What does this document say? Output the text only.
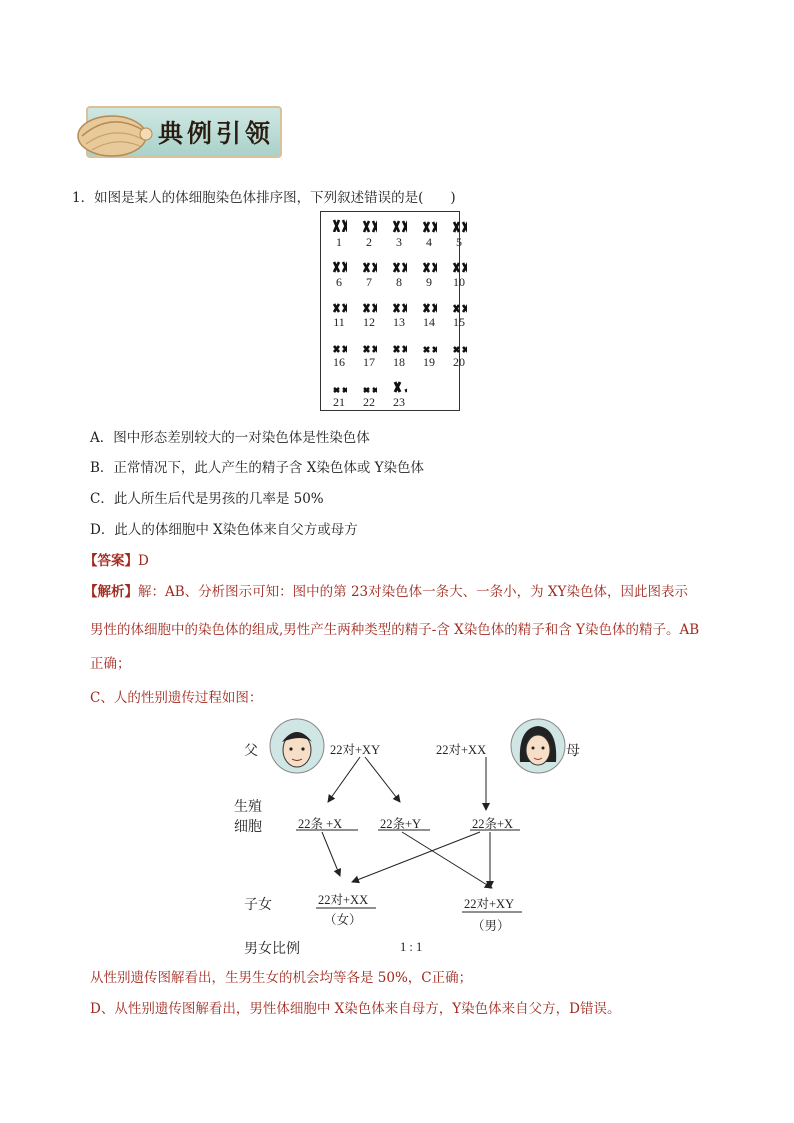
典例引领
1．如图是某人的体细胞染色体排序图，下列叙述错误的是(　　)
1	2	3	4	5
6	7	8	9	10
11	12	13	14	15
16	17	18	19	20
21	22	23
A．图中形态差别较大的一对染色体是性染色体
B．正常情况下，此人产生的精子含 X染色体或 Y染色体
C．此人所生后代是男孩的几率是 50%
D．此人的体细胞中 X染色体来自父方或母方
【答案】D
【解析】解：AB、分析图示可知：图中的第 23对染色体一条大、一条小，为 XY染色体，因此图表示
男性的体细胞中的染色体的组成,男性产生两种类型的精子-含 X染色体的精子和含 Y染色体的精子。AB
正确；
C、人的性别遗传过程如图：
父	母
22对+XY	22对+XX
生殖
细胞	22条 +X	22条+Y	22条+X
子女	22对+XX
（女）
22对+XY
（男）
男女比例	1 : 1
从性别遗传图解看出，生男生女的机会均等各是 50%，C正确；
D、从性别遗传图解看出，男性体细胞中 X染色体来自母方，Y染色体来自父方，D错误。
